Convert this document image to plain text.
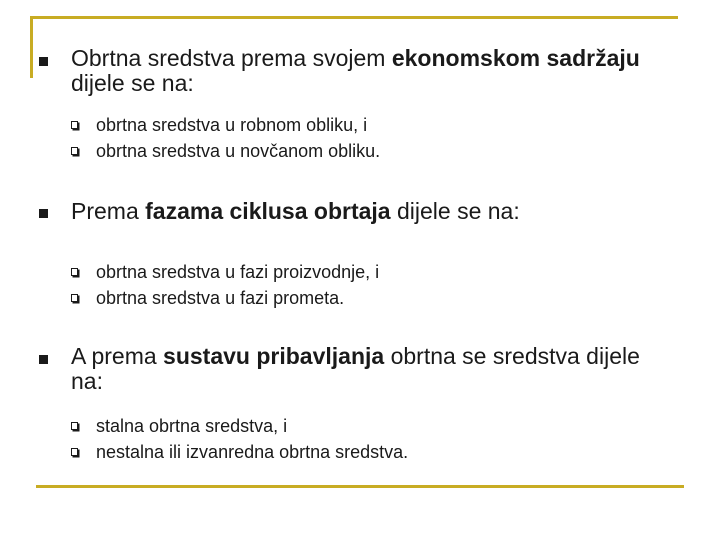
Obrtna sredstva prema svojem ekonomskom sadržaju dijele se na:
obrtna sredstva u robnom obliku, i
obrtna sredstva u novčanom obliku.
Prema fazama ciklusa obrtaja dijele se na:
obrtna sredstva u fazi proizvodnje, i
obrtna sredstva u fazi prometa.
A prema sustavu pribavljanja obrtna se sredstva dijele na:
stalna obrtna sredstva, i
nestalna ili izvanredna obrtna sredstva.
